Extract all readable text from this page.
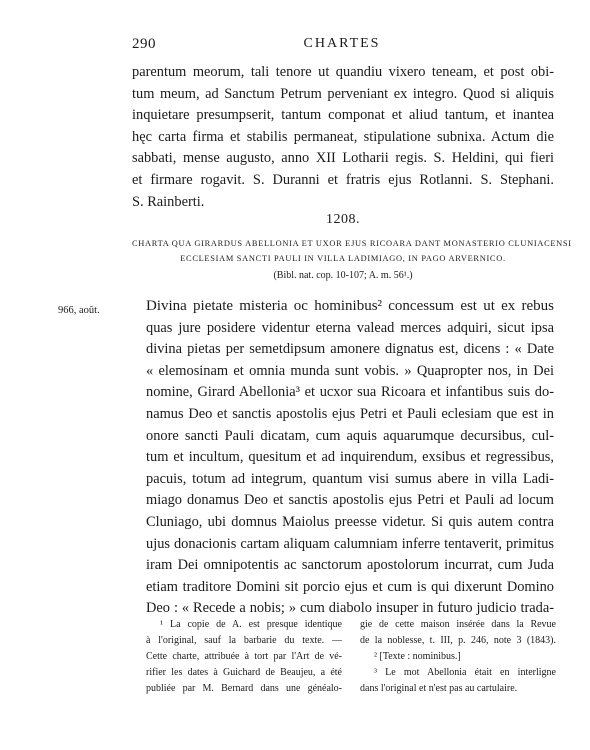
290	CHARTES
parentum meorum, tali tenore ut quandiu vixero teneam, et post obi-
tum meum, ad Sanctum Petrum perveniant ex integro. Quod si aliquis
inquietare presumpserit, tantum componat et aliud tantum, et inantea
hęc carta firma et stabilis permaneat, stipulatione subnixa. Actum die
sabbati, mense augusto, anno XII Lotharii regis. S. Heldini, qui fieri
et firmare rogavit. S. Duranni et fratris ejus Rotlanni. S. Stephani.
S. Rainberti.
1208.
CHARTA QUA GIRARDUS ABELLONIA ET UXOR EJUS RICOARA DANT MONASTERIO CLUNIACENSI
ECCLESIAM SANCTI PAULI IN VILLA LADIMIAGO, IN PAGO ARVERNICO.
(Bibl. nat. cop. 10-107; A. m. 56¹.)
966, août.	Divina pietate misteria oc hominibus² concessum est ut ex rebus
quas jure posidere videntur eterna valead merces adquiri, sicut ipsa
divina pietas per semetdipsum amonere dignatus est, dicens : « Date
« elemosinam et omnia munda sunt vobis. » Quapropter nos, in Dei
nomine, Girard Abellonia³ et ucxor sua Ricoara et infantibus suis do-
namus Deo et sanctis apostolis ejus Petri et Pauli eclesiam que est in
onore sancti Pauli dicatam, cum aquis aquarumque decursibus, cul-
tum et incultum, quesitum et ad inquirendum, exsibus et regressibus,
pacuis, totum ad integrum, quantum visi sumus abere in villa Ladi-
miago donamus Deo et sanctis apostolis ejus Petri et Pauli ad locum
Cluniago, ubi domnus Maiolus preesse videtur. Si quis autem contra
ujus donacionis cartam aliquam calumniam inferre tentaverit, primitus
iram Dei omnipotentis ac sanctorum apostolorum incurrat, cum Juda
etiam traditore Domini sit porcio ejus et cum is qui dixerunt Domino
Deo : « Recede a nobis; » cum diabolo insuper in futuro judicio trada-
¹ La copie de A. est presque identique
à l'original, sauf la barbarie du texte. —
Cette charte, attribuée à tort par l'Art de vé-
rifier les dates à Guichard de Beaujeu, a été
publiée par M. Bernard dans une généalo-
gie de cette maison insérée dans la Revue
de la noblesse, t. III, p. 246, note 3 (1843).
² [Texte : nominibus.]
³ Le mot Abellonia était en interligne
dans l'original et n'est pas au cartulaire.
